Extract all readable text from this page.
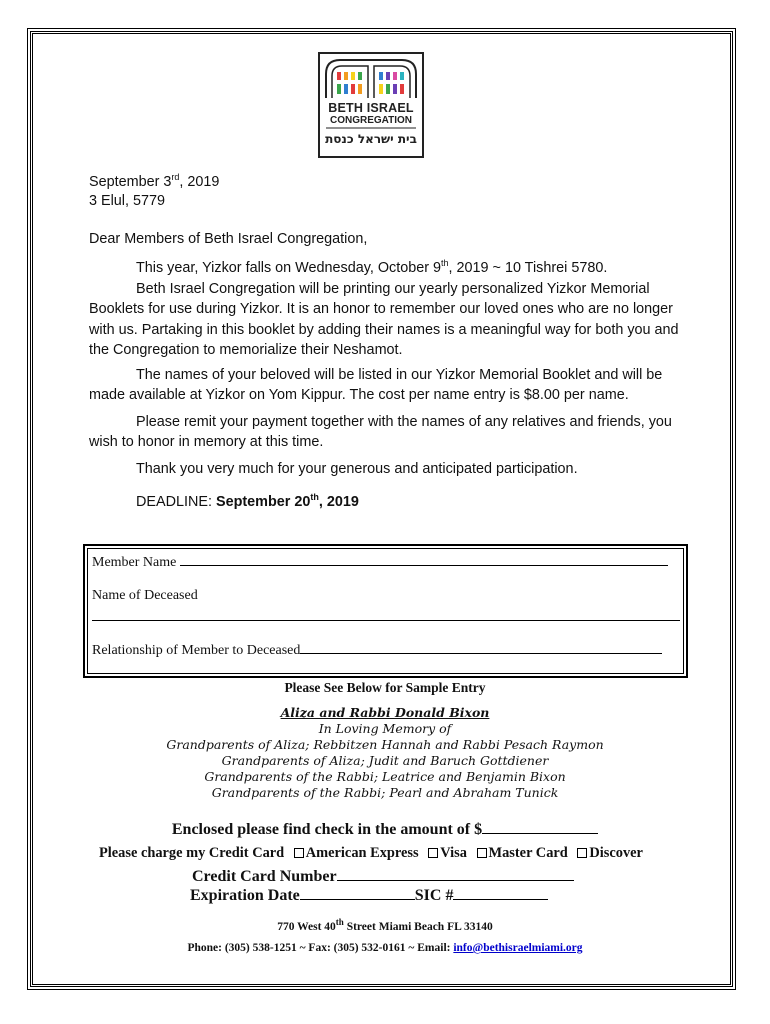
BETH ISRAEL
CONGREGATION
בית ישראל כנסת
September 3rd, 2019
3 Elul, 5779
Dear Members of Beth Israel Congregation,

This year, Yizkor falls on Wednesday, October 9th, 2019 ~ 10 Tishrei 5780.

Beth Israel Congregation will be printing our yearly personalized Yizkor Memorial Booklets for use during Yizkor. It is an honor to remember our loved ones who are no longer with us. Partaking in this booklet by adding their names is a meaningful way for both you and the Congregation to memorialize their Neshamot.

The names of your beloved will be listed in our Yizkor Memorial Booklet and will be made available at Yizkor on Yom Kippur. The cost per name entry is $8.00 per name.

Please remit your payment together with the names of any relatives and friends, you wish to honor in memory at this time.

Thank you very much for your generous and anticipated participation.

DEADLINE: September 20th, 2019

Member Name
Name of Deceased
Relationship of Member to Deceased
Please See Below for Sample Entry
Aliza and Rabbi Donald Bixon
In Loving Memory of
Grandparents of Aliza; Rebbitzen Hannah and Rabbi Pesach Raymon
Grandparents of Aliza; Judit and Baruch Gottdiener
Grandparents of the Rabbi; Leatrice and Benjamin Bixon
Grandparents of the Rabbi; Pearl and Abraham Tunick
Enclosed please find check in the amount of $
Please charge my Credit Card American Express Visa Master Card Discover
Credit Card Number
Expiration Date	SIC #
770 West 40th Street Miami Beach FL 33140
Phone: (305) 538-1251 ~ Fax: (305) 532-0161 ~ Email: info@bethisraelmiami.org
